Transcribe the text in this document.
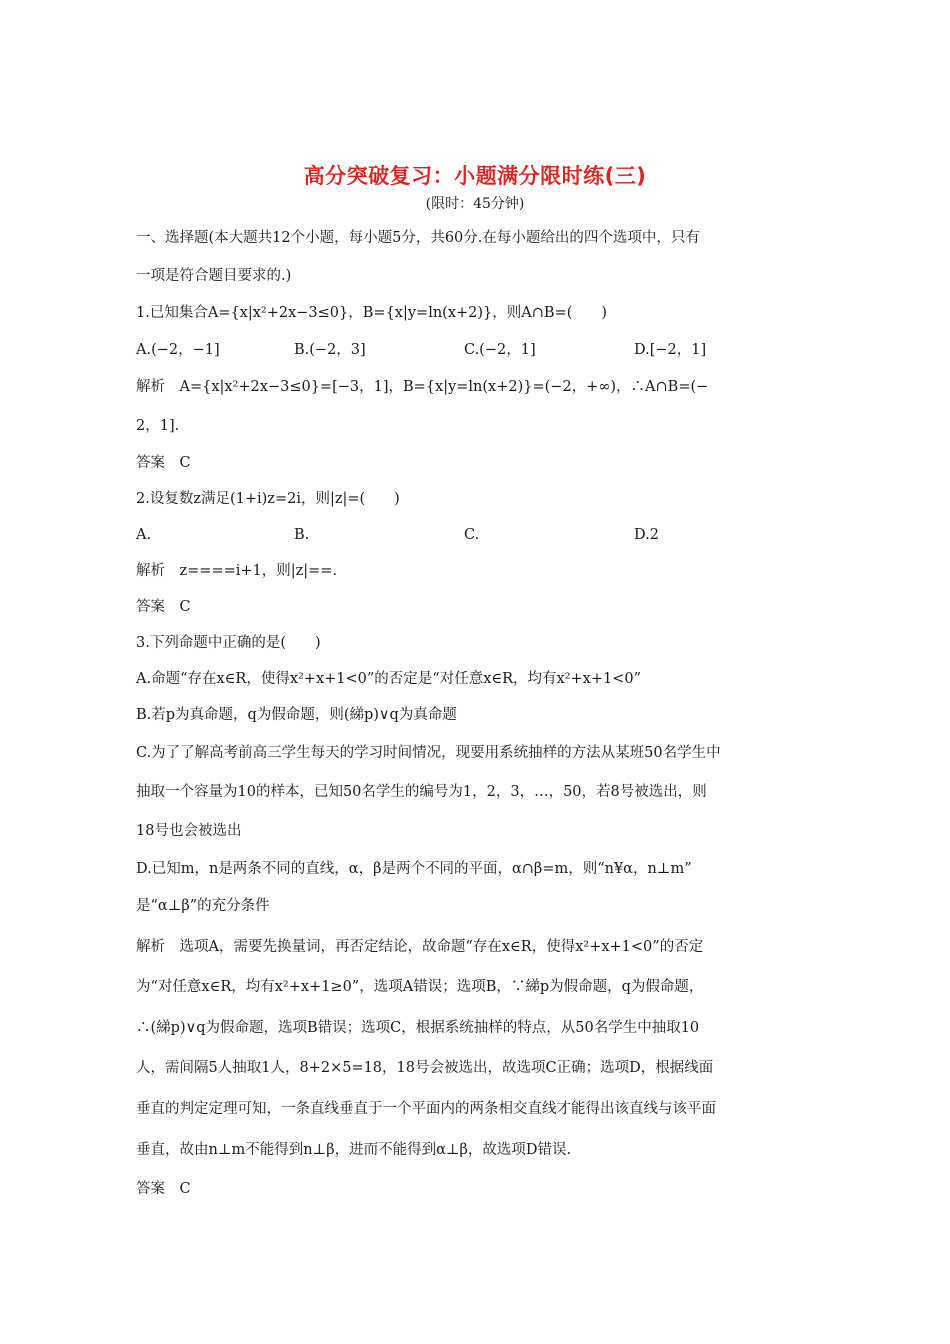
高分突破复习：小题满分限时练(三)
(限时：45分钟)
一、选择题(本大题共12个小题，每小题5分，共60分.在每小题给出的四个选项中，只有
一项是符合题目要求的.)
1.已知集合A={x|x²+2x−3≤0}，B={x|y=ln(x+2)}，则A∩B=(　　)
A.(−2，−1]	B.(−2，3]	C.(−2，1]	D.[−2，1]
解析　A={x|x²+2x−3≤0}=[−3，1]，B={x|y=ln(x+2)}=(−2，+∞)，∴A∩B=(−
2，1].
答案　C
2.设复数z满足(1+i)z=2i，则|z|=(　　)
A.	B.	C.	D.2
解析　z====i+1，则|z|==.
答案　C
3.下列命题中正确的是(　　)
A.命题“存在x∈R，使得x²+x+1<0”的否定是“对任意x∈R，均有x²+x+1<0”
B.若p为真命题，q为假命题，则(綈p)∨q为真命题
C.为了了解高考前高三学生每天的学习时间情况，现要用系统抽样的方法从某班50名学生中
抽取一个容量为10的样本，已知50名学生的编号为1，2，3，…，50，若8号被选出，则
18号也会被选出
D.已知m，n是两条不同的直线，α，β是两个不同的平面，α∩β=m，则“n¥α，n⊥m”
是“α⊥β”的充分条件
解析　选项A，需要先换量词，再否定结论，故命题“存在x∈R，使得x²+x+1<0”的否定
为“对任意x∈R，均有x²+x+1≥0”，选项A错误；选项B，∵綈p为假命题，q为假命题，
∴(綈p)∨q为假命题，选项B错误；选项C，根据系统抽样的特点，从50名学生中抽取10
人，需间隔5人抽取1人，8+2×5=18，18号会被选出，故选项C正确；选项D，根据线面
垂直的判定定理可知，一条直线垂直于一个平面内的两条相交直线才能得出该直线与该平面
垂直，故由n⊥m不能得到n⊥β，进而不能得到α⊥β，故选项D错误.
答案　C
